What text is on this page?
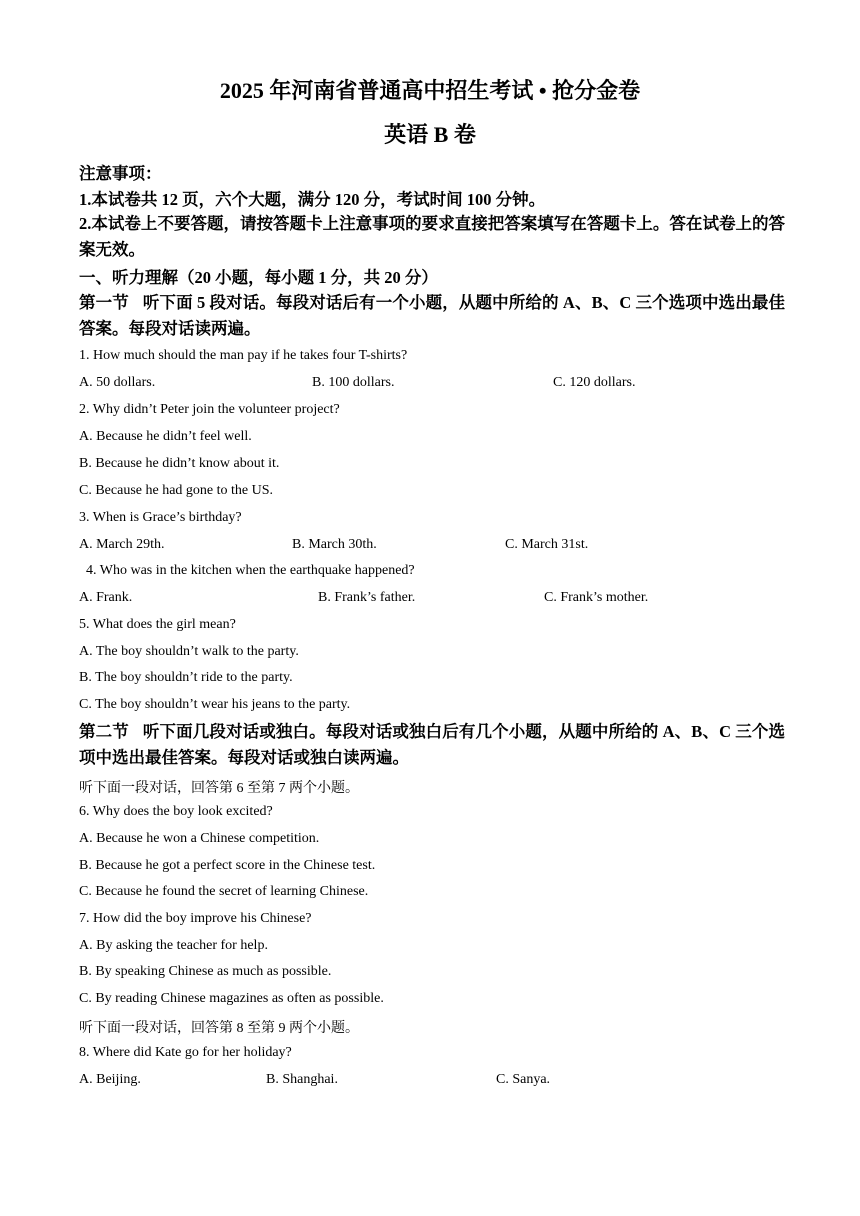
2025 年河南省普通高中招生考试 • 抢分金卷
英语 B 卷
注意事项：
1.本试卷共 12 页，六个大题，满分 120 分，考试时间 100 分钟。
2.本试卷上不要答题，请按答题卡上注意事项的要求直接把答案填写在答题卡上。答在试卷上的答案无效。
一、听力理解（20 小题，每小题 1 分，共 20 分）
第一节 听下面 5 段对话。每段对话后有一个小题，从题中所给的 A、B、C 三个选项中选出最佳答案。每段对话读两遍。
1. How much should the man pay if he takes four T-shirts?
A. 50 dollars.	B. 100 dollars.	C. 120 dollars.
2. Why didn’t Peter join the volunteer project?
A. Because he didn’t feel well.
B. Because he didn’t know about it.
C. Because he had gone to the US.
3. When is Grace’s birthday?
A. March 29th.	B. March 30th.	C. March 31st.
4. Who was in the kitchen when the earthquake happened?
A. Frank.	B. Frank’s father.	C. Frank’s mother.
5. What does the girl mean?
A. The boy shouldn’t walk to the party.
B. The boy shouldn’t ride to the party.
C. The boy shouldn’t wear his jeans to the party.
第二节 听下面几段对话或独白。每段对话或独白后有几个小题，从题中所给的 A、B、C 三个选项中选出最佳答案。每段对话或独白读两遍。
听下面一段对话，回答第 6 至第 7 两个小题。
6. Why does the boy look excited?
A. Because he won a Chinese competition.
B. Because he got a perfect score in the Chinese test.
C. Because he found the secret of learning Chinese.
7. How did the boy improve his Chinese?
A. By asking the teacher for help.
B. By speaking Chinese as much as possible.
C. By reading Chinese magazines as often as possible.
听下面一段对话，回答第 8 至第 9 两个小题。
8. Where did Kate go for her holiday?
A. Beijing.	B. Shanghai.	C. Sanya.
